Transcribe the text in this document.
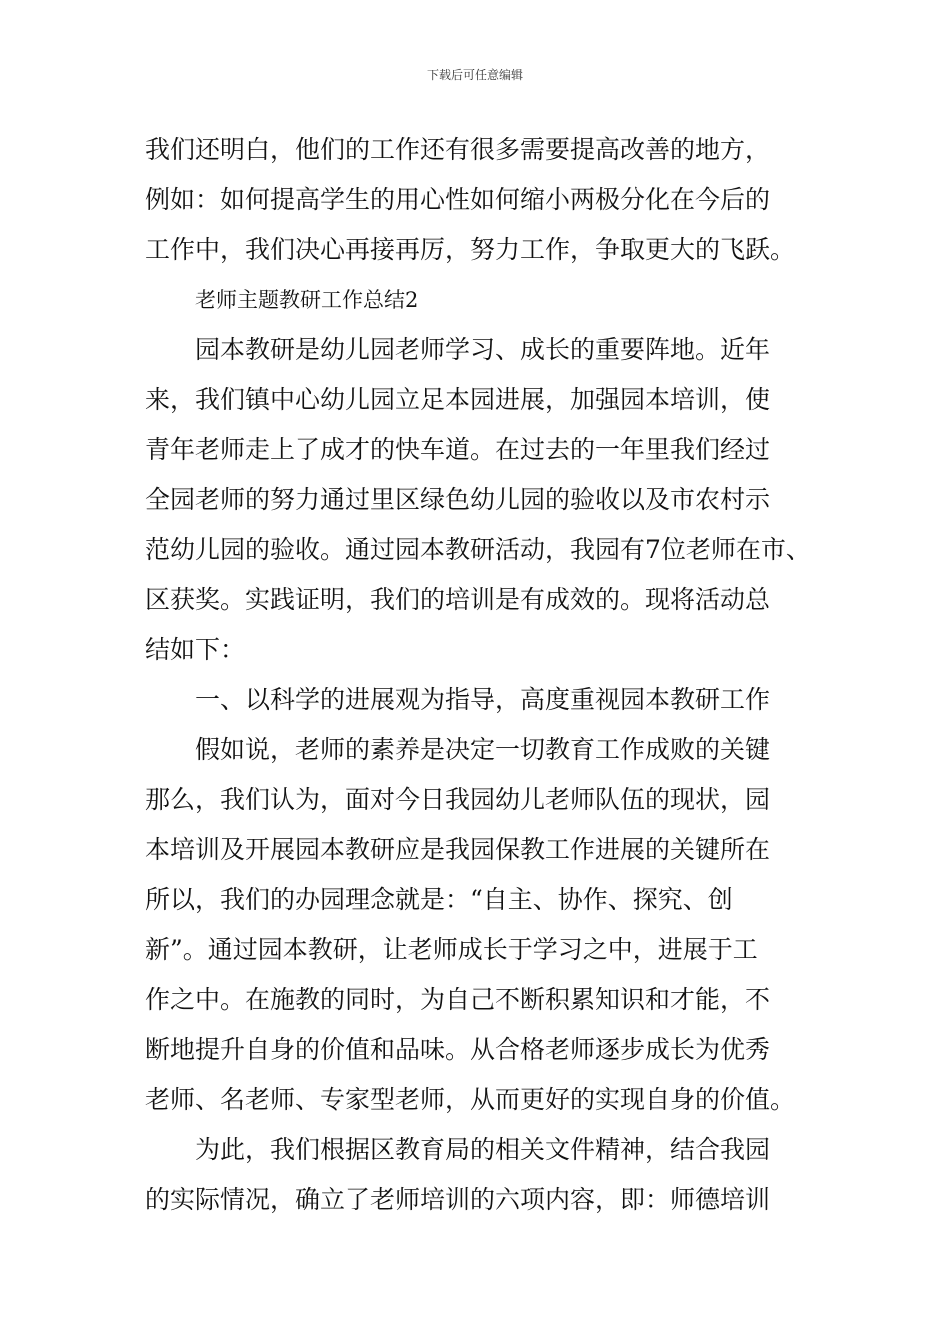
下载后可任意编辑
我们还明白，他们的工作还有很多需要提高改善的地方，
例如：如何提高学生的用心性如何缩小两极分化在今后的
工作中，我们决心再接再厉，努力工作，争取更大的飞跃。
老师主题教研工作总结2
园本教研是幼儿园老师学习、成长的重要阵地。近年
来，我们镇中心幼儿园立足本园进展，加强园本培训，使
青年老师走上了成才的快车道。在过去的一年里我们经过
全园老师的努力通过里区绿色幼儿园的验收以及市农村示
范幼儿园的验收。通过园本教研活动，我园有7位老师在市、
区获奖。实践证明，我们的培训是有成效的。现将活动总
结如下：
一、以科学的进展观为指导，高度重视园本教研工作
假如说，老师的素养是决定一切教育工作成败的关键
那么，我们认为，面对今日我园幼儿老师队伍的现状，园
本培训及开展园本教研应是我园保教工作进展的关键所在
所以，我们的办园理念就是：“自主、协作、探究、创
新”。通过园本教研，让老师成长于学习之中，进展于工
作之中。在施教的同时，为自己不断积累知识和才能，不
断地提升自身的价值和品味。从合格老师逐步成长为优秀
老师、名老师、专家型老师，从而更好的实现自身的价值。
为此，我们根据区教育局的相关文件精神，结合我园
的实际情况，确立了老师培训的六项内容，即：师德培训
